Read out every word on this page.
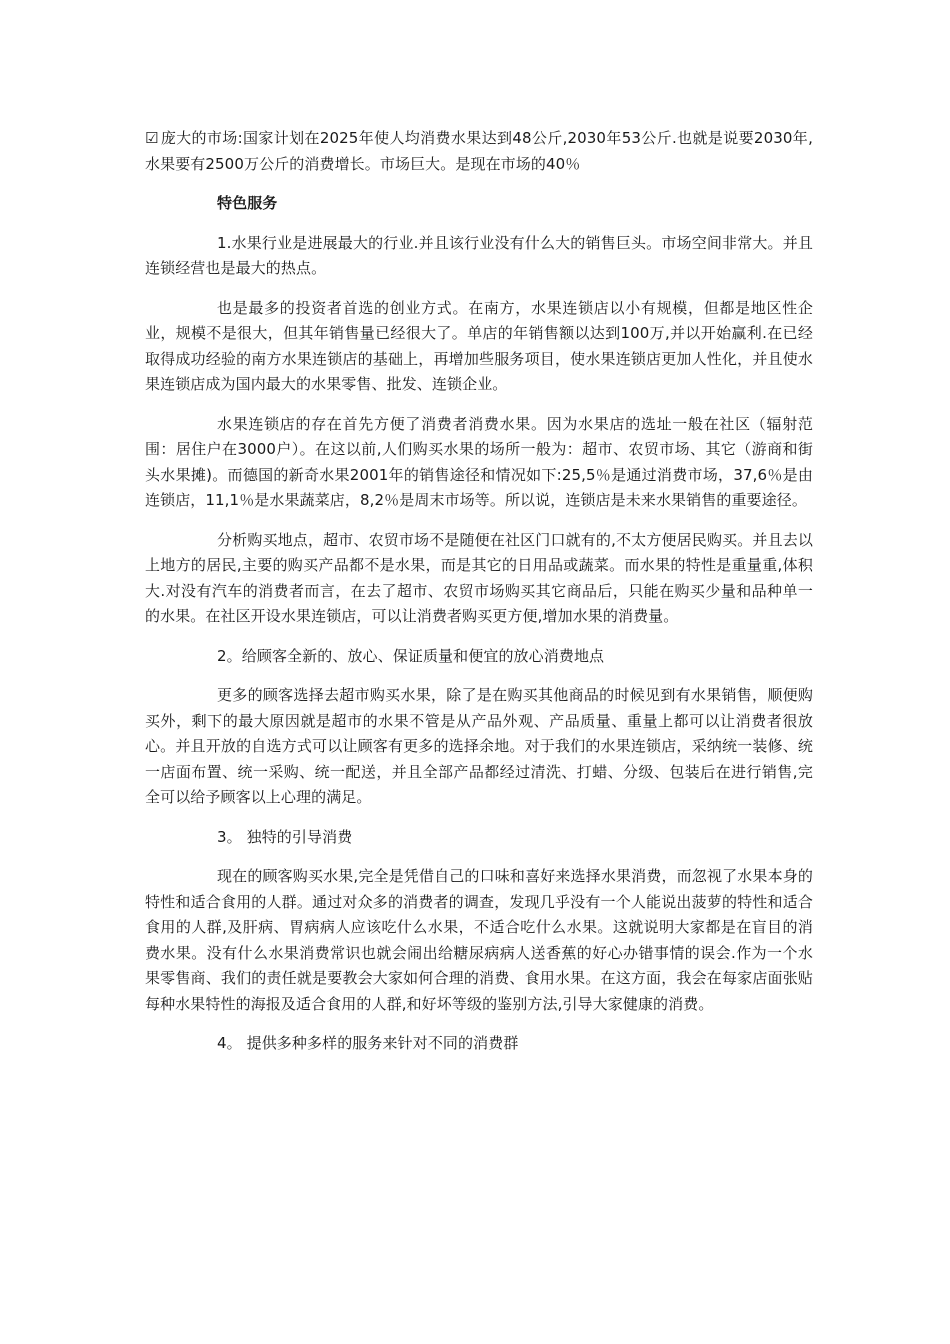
☑ 庞大的市场:国家计划在2025年使人均消费水果达到48公斤,2030年53公斤.也就是说要2030年,水果要有2500万公斤的消费增长。市场巨大。是现在市场的40％

特色服务

1.水果行业是进展最大的行业.并且该行业没有什么大的销售巨头。市场空间非常大。并且连锁经营也是最大的热点。

也是最多的投资者首选的创业方式。在南方，水果连锁店以小有规模，但都是地区性企业，规模不是很大，但其年销售量已经很大了。单店的年销售额以达到100万,并以开始赢利.在已经取得成功经验的南方水果连锁店的基础上，再增加些服务项目，使水果连锁店更加人性化，并且使水果连锁店成为国内最大的水果零售、批发、连锁企业。

水果连锁店的存在首先方便了消费者消费水果。因为水果店的选址一般在社区（辐射范围：居住户在3000户）。在这以前,人们购买水果的场所一般为：超市、农贸市场、其它（游商和街头水果摊)。而德国的新奇水果2001年的销售途径和情况如下:25,5％是通过消费市场，37,6％是由连锁店，11,1％是水果蔬菜店，8,2％是周末市场等。所以说，连锁店是未来水果销售的重要途径。

分析购买地点，超市、农贸市场不是随便在社区门口就有的,不太方便居民购买。并且去以上地方的居民,主要的购买产品都不是水果，而是其它的日用品或蔬菜。而水果的特性是重量重,体积大.对没有汽车的消费者而言，在去了超市、农贸市场购买其它商品后，只能在购买少量和品种单一的水果。在社区开设水果连锁店，可以让消费者购买更方便,增加水果的消费量。

2。给顾客全新的、放心、保证质量和便宜的放心消费地点

更多的顾客选择去超市购买水果，除了是在购买其他商品的时候见到有水果销售，顺便购买外，剩下的最大原因就是超市的水果不管是从产品外观、产品质量、重量上都可以让消费者很放心。并且开放的自选方式可以让顾客有更多的选择余地。对于我们的水果连锁店，采纳统一装修、统一店面布置、统一采购、统一配送，并且全部产品都经过清洗、打蜡、分级、包装后在进行销售,完全可以给予顾客以上心理的满足。

3。 独特的引导消费

现在的顾客购买水果,完全是凭借自己的口味和喜好来选择水果消费，而忽视了水果本身的特性和适合食用的人群。通过对众多的消费者的调查，发现几乎没有一个人能说出菠萝的特性和适合食用的人群,及肝病、胃病病人应该吃什么水果，不适合吃什么水果。这就说明大家都是在盲目的消费水果。没有什么水果消费常识也就会闹出给糖尿病病人送香蕉的好心办错事情的误会.作为一个水果零售商、我们的责任就是要教会大家如何合理的消费、食用水果。在这方面，我会在每家店面张贴每种水果特性的海报及适合食用的人群,和好坏等级的鉴别方法,引导大家健康的消费。

4。 提供多种多样的服务来针对不同的消费群
